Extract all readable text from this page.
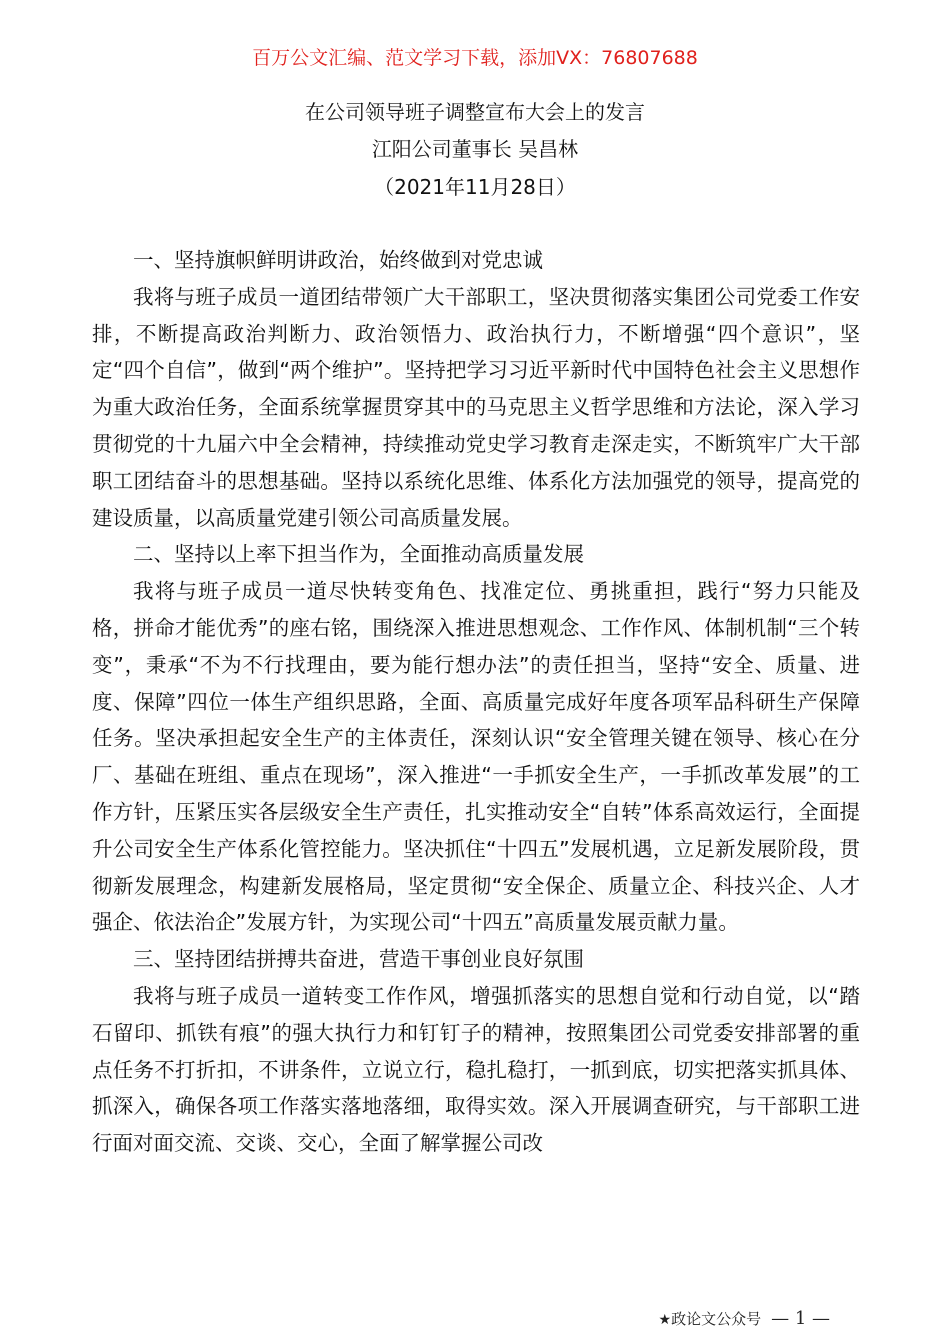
百万公文汇编、范文学习下载，添加VX：76807688
在公司领导班子调整宣布大会上的发言
江阳公司董事长 吴昌林
（2021年11月28日）

一、坚持旗帜鲜明讲政治，始终做到对党忠诚

我将与班子成员一道团结带领广大干部职工，坚决贯彻落实集团公司党委工作安排，不断提高政治判断力、政治领悟力、政治执行力，不断增强“四个意识”，坚定“四个自信”，做到“两个维护”。坚持把学习习近平新时代中国特色社会主义思想作为重大政治任务，全面系统掌握贯穿其中的马克思主义哲学思维和方法论，深入学习贯彻党的十九届六中全会精神，持续推动党史学习教育走深走实，不断筑牢广大干部职工团结奋斗的思想基础。坚持以系统化思维、体系化方法加强党的领导，提高党的建设质量，以高质量党建引领公司高质量发展。

二、坚持以上率下担当作为，全面推动高质量发展

我将与班子成员一道尽快转变角色、找准定位、勇挑重担，践行“努力只能及格，拼命才能优秀”的座右铭，围绕深入推进思想观念、工作作风、体制机制“三个转变”，秉承“不为不行找理由，要为能行想办法”的责任担当，坚持“安全、质量、进度、保障”四位一体生产组织思路，全面、高质量完成好年度各项军品科研生产保障任务。坚决承担起安全生产的主体责任，深刻认识“安全管理关键在领导、核心在分厂、基础在班组、重点在现场”，深入推进“一手抓安全生产，一手抓改革发展”的工作方针，压紧压实各层级安全生产责任，扎实推动安全“自转”体系高效运行，全面提升公司安全生产体系化管控能力。坚决抓住“十四五”发展机遇，立足新发展阶段，贯彻新发展理念，构建新发展格局，坚定贯彻“安全保企、质量立企、科技兴企、人才强企、依法治企”发展方针，为实现公司“十四五”高质量发展贡献力量。

三、坚持团结拼搏共奋进，营造干事创业良好氛围

我将与班子成员一道转变工作作风，增强抓落实的思想自觉和行动自觉，以“踏石留印、抓铁有痕”的强大执行力和钉钉子的精神，按照集团公司党委安排部署的重点任务不打折扣，不讲条件，立说立行，稳扎稳打，一抓到底，切实把落实抓具体、抓深入，确保各项工作落实落地落细，取得实效。深入开展调查研究，与干部职工进行面对面交流、交谈、交心，全面了解掌握公司改

★政论文公众号 — 1 —
